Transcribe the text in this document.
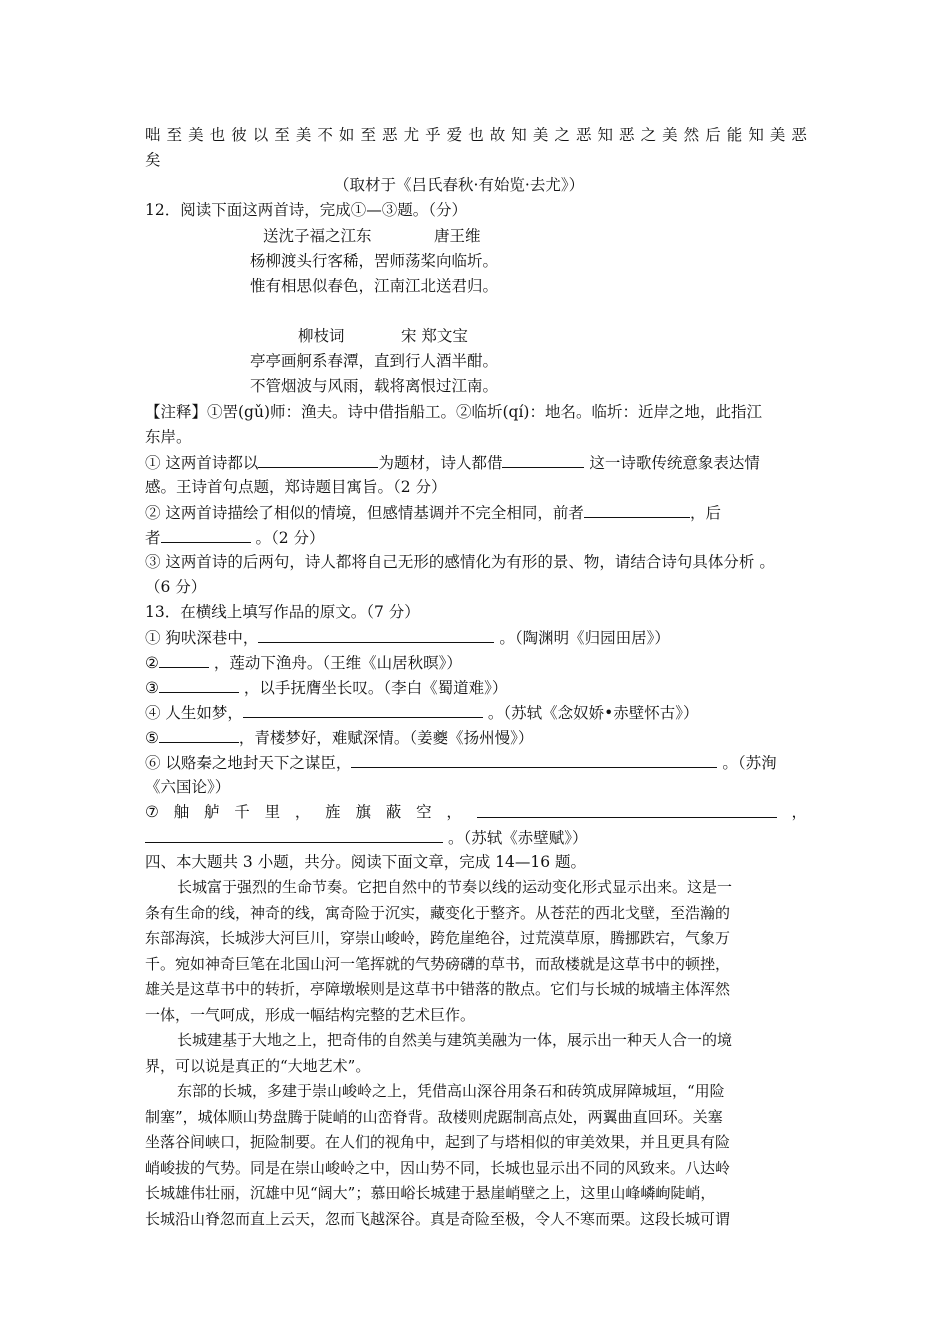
咄 至 美 也 彼 以 至 美 不 如 至 恶 尤 乎 爱 也 故 知 美 之 恶 知 恶 之 美 然 后 能 知 美 恶
矣
（取材于《吕氏春秋·有始览·去尤》）
12．阅读下面这两首诗，完成①—③题。（分）
送沈子福之江东	唐王维
杨柳渡头行客稀，罟师荡桨向临圻。
惟有相思似春色，江南江北送君归。
柳枝词	宋 郑文宝
亭亭画舸系春潭，直到行人酒半酣。
不管烟波与风雨，载将离恨过江南。
【注释】①罟(gǔ)师：渔夫。诗中借指船工。②临圻(qí)：地名。临圻：近岸之地，此指江
东岸。
① 这两首诗都以	为题材，诗人都借	这一诗歌传统意象表达情
感。王诗首句点题，郑诗题目寓旨。（2 分）
② 这两首诗描绘了相似的情境，但感情基调并不完全相同，前者	，后
者	。（2 分）
③ 这两首诗的后两句，诗人都将自己无形的感情化为有形的景、物，请结合诗句具体分析 。
（6 分）
13．在横线上填写作品的原文。（7 分）
① 狗吠深巷中，	。（陶渊明《归园田居》）
②	，莲动下渔舟。（王维《山居秋暝》）
③	，以手抚膺坐长叹。（李白《蜀道难》）
④ 人生如梦，	。（苏轼《念奴娇•赤壁怀古》）
⑤	，青楼梦好，难赋深情。（姜夔《扬州慢》）
⑥ 以赂秦之地封天下之谋臣，	。（苏洵
《六国论》）
⑦ 舳 舻 千 里 ， 旌 旗 蔽 空 ，	，
。（苏轼《赤壁赋》）
四、本大题共 3 小题，共分。阅读下面文章，完成 14—16 题。
长城富于强烈的生命节奏。它把自然中的节奏以线的运动变化形式显示出来。这是一
条有生命的线，神奇的线，寓奇险于沉实，藏变化于整齐。从苍茫的西北戈壁，至浩瀚的
东部海滨，长城涉大河巨川，穿崇山峻岭，跨危崖绝谷，过荒漠草原，腾挪跌宕，气象万
千。宛如神奇巨笔在北国山河一笔挥就的气势磅礴的草书，而敌楼就是这草书中的顿挫，
雄关是这草书中的转折，亭障墩堠则是这草书中错落的散点。它们与长城的城墙主体浑然
一体，一气呵成，形成一幅结构完整的艺术巨作。
长城建基于大地之上，把奇伟的自然美与建筑美融为一体，展示出一种天人合一的境
界，可以说是真正的“大地艺术”。
东部的长城，多建于崇山峻岭之上，凭借高山深谷用条石和砖筑成屏障城垣，“用险
制塞”，城体顺山势盘腾于陡峭的山峦脊背。敌楼则虎踞制高点处，两翼曲直回环。关塞
坐落谷间峡口，扼险制要。在人们的视角中，起到了与塔相似的审美效果，并且更具有险
峭峻拔的气势。同是在崇山峻岭之中，因山势不同，长城也显示出不同的风致来。八达岭
长城雄伟壮丽，沉雄中见“阔大”；慕田峪长城建于悬崖峭壁之上，这里山峰嶙峋陡峭，
长城沿山脊忽而直上云天，忽而飞越深谷。真是奇险至极，令人不寒而栗。这段长城可谓
